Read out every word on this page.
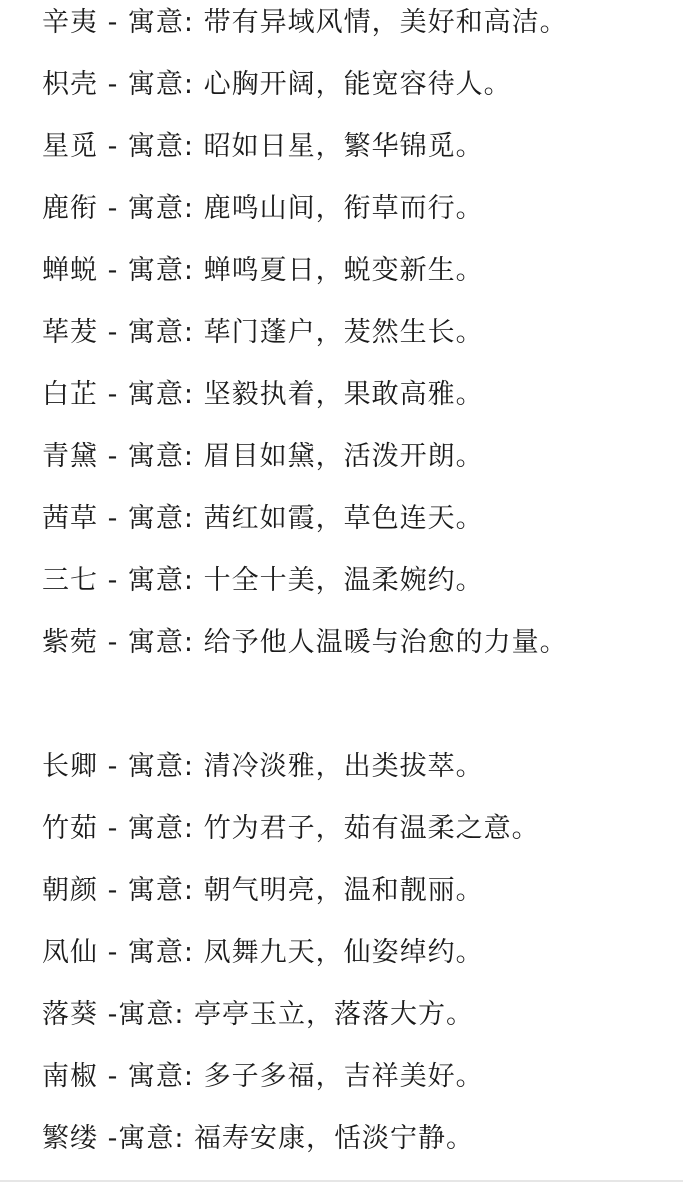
辛夷 - 寓意: 带有异域风情，美好和高洁。
枳壳 - 寓意: 心胸开阔，能宽容待人。
星觅 - 寓意: 昭如日星，繁华锦觅。
鹿衔 - 寓意: 鹿鸣山间，衔草而行。
蝉蜕 - 寓意: 蝉鸣夏日，蜕变新生。
荜茇 - 寓意: 荜门蓬户，茇然生长。
白芷 - 寓意: 坚毅执着，果敢高雅。
青黛 - 寓意: 眉目如黛，活泼开朗。
茜草 - 寓意: 茜红如霞，草色连天。
三七 - 寓意: 十全十美，温柔婉约。
紫菀 - 寓意: 给予他人温暖与治愈的力量。
长卿 - 寓意: 清冷淡雅，出类拔萃。
竹茹 - 寓意: 竹为君子，茹有温柔之意。
朝颜 - 寓意: 朝气明亮，温和靓丽。
凤仙 - 寓意: 凤舞九天，仙姿绰约。
落葵 -寓意: 亭亭玉立，落落大方。
南椒 - 寓意: 多子多福，吉祥美好。
繁缕 -寓意: 福寿安康，恬淡宁静。
